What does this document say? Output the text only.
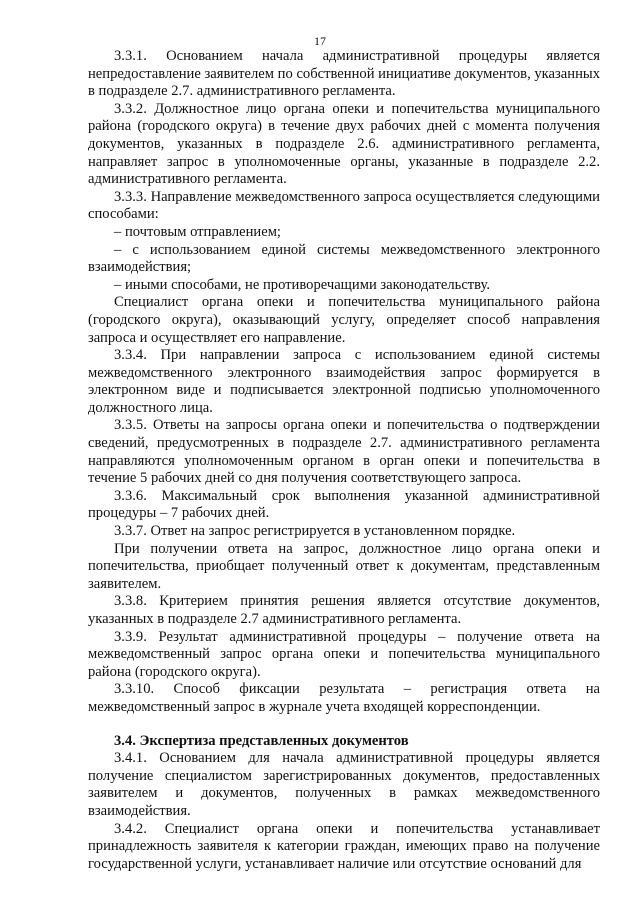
17

3.3.1. Основанием начала административной процедуры является непредоставление заявителем по собственной инициативе документов, указанных в подразделе 2.7. административного регламента.

3.3.2. Должностное лицо органа опеки и попечительства муниципального района (городского округа) в течение двух рабочих дней с момента получения документов, указанных в подразделе 2.6. административного регламента, направляет запрос в уполномоченные органы, указанные в подразделе 2.2. административного регламента.

3.3.3. Направление межведомственного запроса осуществляется следующими способами:

– почтовым отправлением;

– с использованием единой системы межведомственного электронного взаимодействия;

– иными способами, не противоречащими законодательству.

Специалист органа опеки и попечительства муниципального района (городского округа), оказывающий услугу, определяет способ направления запроса и осуществляет его направление.

3.3.4. При направлении запроса с использованием единой системы межведомственного электронного взаимодействия запрос формируется в электронном виде и подписывается электронной подписью уполномоченного должностного лица.

3.3.5. Ответы на запросы органа опеки и попечительства о подтверждении сведений, предусмотренных в подразделе 2.7. административного регламента направляются уполномоченным органом в орган опеки и попечительства в течение 5 рабочих дней со дня получения соответствующего запроса.

3.3.6. Максимальный срок выполнения указанной административной процедуры – 7 рабочих дней.

3.3.7. Ответ на запрос регистрируется в установленном порядке.

При получении ответа на запрос, должностное лицо органа опеки и попечительства, приобщает полученный ответ к документам, представленным заявителем.

3.3.8. Критерием принятия решения является отсутствие документов, указанных в подразделе 2.7 административного регламента.

3.3.9. Результат административной процедуры – получение ответа на межведомственный запрос органа опеки и попечительства муниципального района (городского округа).

3.3.10. Способ фиксации результата – регистрация ответа на межведомственный запрос в журнале учета входящей корреспонденции.

3.4. Экспертиза представленных документов

3.4.1. Основанием для начала административной процедуры является получение специалистом зарегистрированных документов, предоставленных заявителем и документов, полученных в рамках межведомственного взаимодействия.

3.4.2. Специалист органа опеки и попечительства устанавливает принадлежность заявителя к категории граждан, имеющих право на получение государственной услуги, устанавливает наличие или отсутствие оснований для
